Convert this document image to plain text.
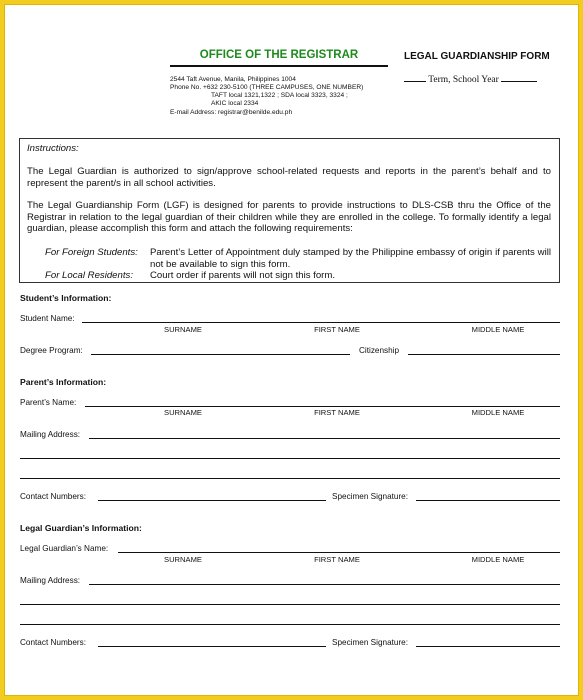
OFFICE OF THE REGISTRAR
2544 Taft Avenue, Manila, Philippines 1004
Phone No. +632 230-5100 (THREE CAMPUSES, ONE NUMBER)
TAFT local 1321,1322 ; SDA local 3323, 3324 ;
AKIC local 2334
E-mail Address: registrar@benilde.edu.ph
LEGAL GUARDIANSHIP FORM
Term, School Year
Instructions:
The Legal Guardian is authorized to sign/approve school-related requests and reports in the parent’s behalf and to represent the parent/s in all school activities.
The Legal Guardianship Form (LGF) is designed for parents to provide instructions to DLS-CSB thru the Office of the Registrar in relation to the legal guardian of their children while they are enrolled in the college. To formally identify a legal guardian, please accomplish this form and attach the following requirements:
For Foreign Students:	Parent’s Letter of Appointment duly stamped by the Philippine embassy of origin if parents will not be available to sign this form.
For Local Residents:	Court order if parents will not sign this form.
Student’s Information:
Student Name:
SURNAME	FIRST NAME	MIDDLE NAME
Degree Program:	Citizenship
Parent’s Information:
Parent’s Name:
SURNAME	FIRST NAME	MIDDLE NAME
Mailing Address:
Contact Numbers:	Specimen Signature:
Legal Guardian’s Information:
Legal Guardian’s Name:
SURNAME	FIRST NAME	MIDDLE NAME
Mailing Address:
Contact Numbers:	Specimen Signature:
